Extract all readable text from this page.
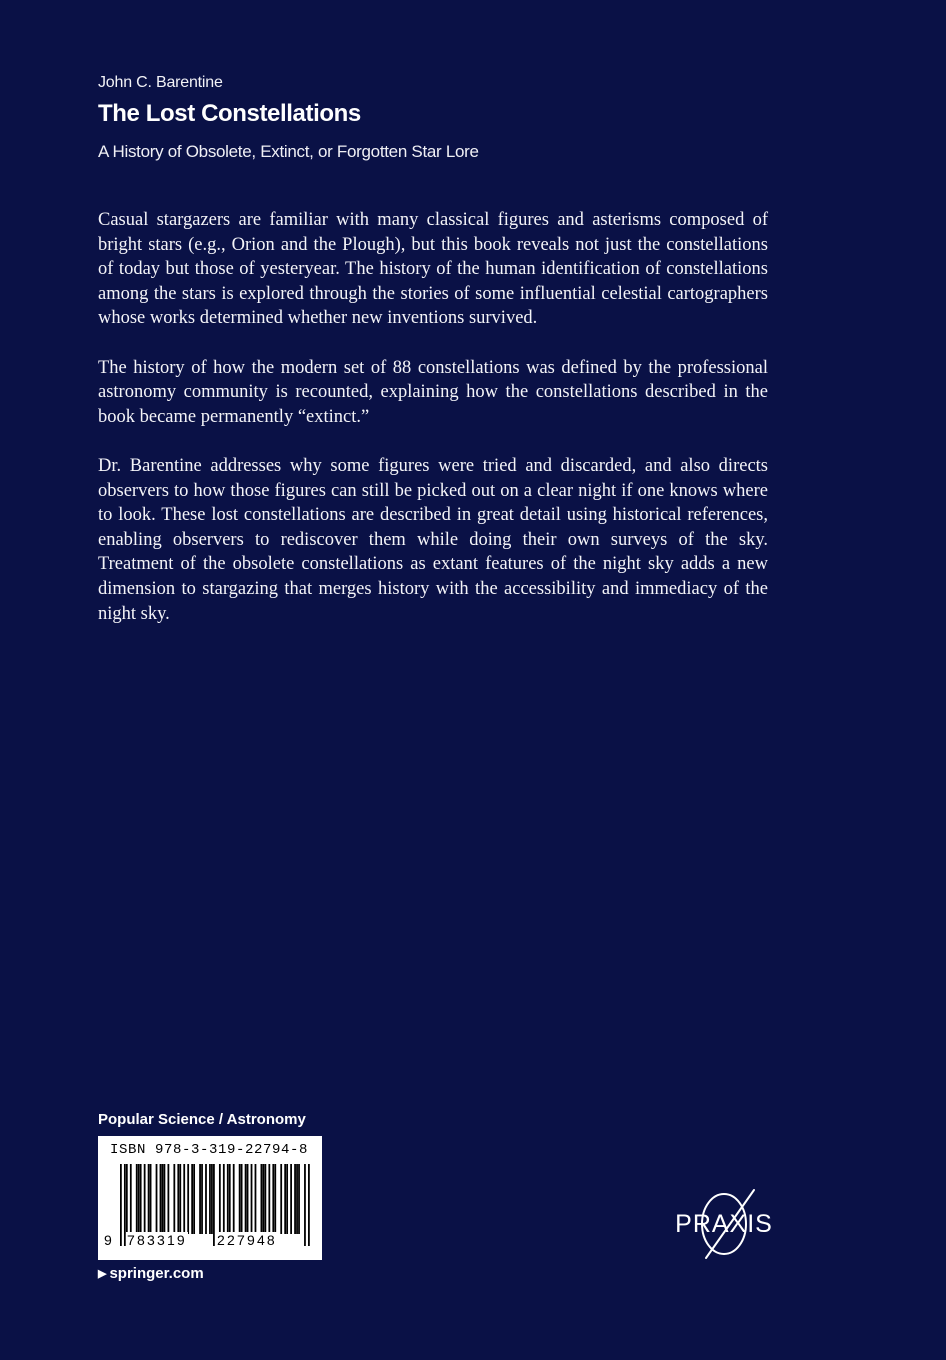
John C. Barentine
The Lost Constellations
A History of Obsolete, Extinct, or Forgotten Star Lore

Casual stargazers are familiar with many classical figures and asterisms composed of bright stars (e.g., Orion and the Plough), but this book reveals not just the constellations of today but those of yesteryear. The history of the human identification of constellations among the stars is explored through the stories of some influential celestial cartographers whose works determined whether new inventions survived.

The history of how the modern set of 88 constellations was defined by the professional astronomy community is recounted, explaining how the constellations described in the book became permanently “extinct.”

Dr. Barentine addresses why some figures were tried and discarded, and also directs observers to how those figures can still be picked out on a clear night if one knows where to look. These lost constellations are described in great detail using historical references, enabling observers to rediscover them while doing their own surveys of the sky. Treatment of the obsolete constellations as extant features of the night sky adds a new dimension to stargazing that merges history with the accessibility and immediacy of the night sky.

Popular Science / Astronomy
ISBN 978-3-319-22794-8
9 783319 227948
▶ springer.com
PRAXIS
